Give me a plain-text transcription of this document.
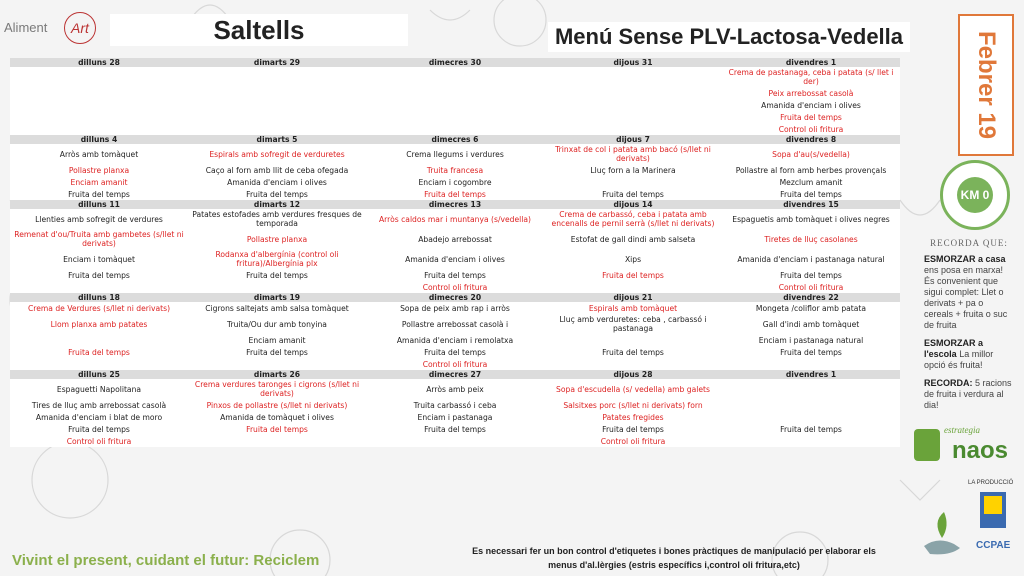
Aliment	Art	Saltells	Menú Sense PLV-Lactosa-Vedella	Febrer 19
KM 0
dilluns 28	dimarts 29	dimecres 30	dijous 31	divendres 1
				Crema de pastanaga, ceba i patata (s/ llet i der)
				Peix arrebossat casolà
				Amanida d'enciam i olives
				Fruita del temps
				Control oli fritura
dilluns 4	dimarts 5	dimecres 6	dijous 7	divendres 8
Arròs amb tomàquet	Espirals amb sofregit de verduretes	Crema llegums i verdures	Trinxat de col i patata amb bacó (s/llet ni derivats)	Sopa d'au(s/vedella)
Pollastre planxa	Caço al forn amb llit de ceba ofegada	Truita francesa	Lluç forn a la Marinera	Pollastre al forn amb herbes provençals
Enciam amanit	Amanida d'enciam i olives	Enciam i cogombre		Mezclum amanit
Fruita del temps	Fruita del temps	Fruita del temps	Fruita del temps	Fruita del temps
dilluns 11	dimarts 12	dimecres 13	dijous 14	divendres 15
Llenties amb sofregit de verdures	Patates estofades amb verdures fresques de temporada	Arròs caldos mar i muntanya (s/vedella)	Crema de carbassó, ceba i patata amb encenalls de pernil serrà (s/llet ni derivats)	Espaguetis amb tomàquet i olives negres
Remenat d'ou/Truita amb gambetes (s/llet ni derivats)	Pollastre planxa	Abadejo arrebossat	Estofat de gall dindi amb salseta	Tiretes de lluç casolanes
Enciam i tomàquet	Rodanxa d'albergínia (control oli fritura)/Albergínia plx	Amanida d'enciam i olives	Xips	Amanida d'enciam i pastanaga natural
Fruita del temps	Fruita del temps	Fruita del temps	Fruita del temps	Fruita del temps
		Control oli fritura		Control oli fritura
dilluns 18	dimarts 19	dimecres 20	dijous 21	divendres 22
Crema de Verdures (s/llet ni derivats)	Cigrons saltejats amb salsa tomàquet	Sopa de peix amb rap i arròs	Espirals amb tomàquet	Mongeta /coliflor amb patata
Llom planxa amb patates	Truita/Ou dur amb tonyina	Pollastre arrebossat casolà i	Lluç amb verduretes: ceba , carbassó i pastanaga	Gall d'indi amb tomàquet
	Enciam amanit	Amanida d'enciam i remolatxa		Enciam i pastanaga natural
Fruita del temps	Fruita del temps	Fruita del temps	Fruita del temps	Fruita del temps
		Control oli fritura		
dilluns 25	dimarts 26	dimecres 27	dijous 28	divendres 1
Espaguetti Napolitana	Crema verdures taronges i cigrons (s/llet ni derivats)	Arròs amb peix	Sopa d'escudella (s/ vedella) amb galets	
Tires de lluç amb arrebossat casolà	Pinxos de pollastre (s/llet ni derivats)	Truita carbassó i ceba	Salsitxes porc (s/llet ni derivats) forn	
Amanida d'enciam i blat de moro	Amanida de tomàquet i olives	Enciam i pastanaga	Patates fregides	
Fruita del temps	Fruita del temps	Fruita del temps	Fruita del temps	Fruita del temps
Control oli fritura			Control oli fritura	
RECORDA QUE:

ESMORZAR a casa ens posa en marxa! És convenient que sigui complet: Llet o derivats + pa o cereals + fruita o suc de fruita

ESMORZAR a l'escola La millor opció és fruita!

RECORDA: 5 racions de fruita i verdura al dia!

estrategia
naos
LA PRODUCCIÓ
CCPAE
Vivint el present, cuidant el futur: Reciclem
Es necessari fer un bon control d'etiquetes i bones pràctiques de manipulació per elaborar els menus d'al.lèrgies (estris específics i,control oli fritura,etc)
